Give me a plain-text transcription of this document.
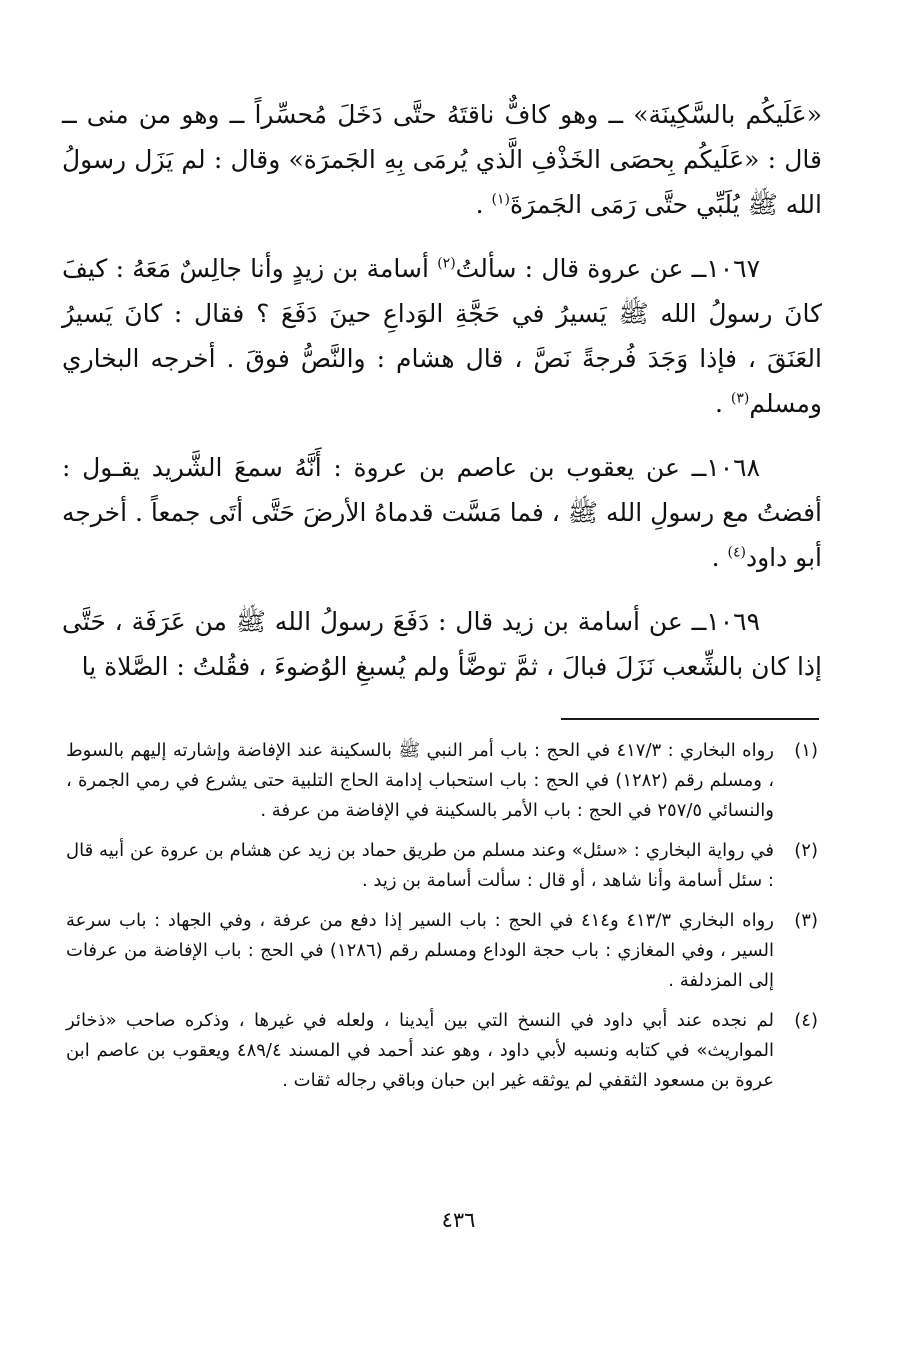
«عَلَيكُم بالسَّكِينَة» ــ وهو كافٌّ ناقتَهُ حتَّى دَخَلَ مُحسِّراً ــ وهو من منى ــ قال : «عَلَيكُم بِحصَى الخَذْفِ الَّذي يُرمَى بِهِ الجَمرَة» وقال : لم يَزَل رسولُ الله ﷺ يُلَبِّي حتَّى رَمَى الجَمرَةَ$^{(١)}$ .

١٠٦٧ــ عن عروة قال : سألتُ$^{(٢)}$ أسامة بن زيدٍ وأنا جالِسٌ مَعَهُ : كيفَ كانَ رسولُ الله ﷺ يَسيرُ في حَجَّةِ الوَداعِ حينَ دَفَعَ ؟ فقال : كانَ يَسيرُ العَنَقَ ، فإذا وَجَدَ فُرجةً نَصَّ ، قال هشام : والنَّصُّ فوقَ . أخرجه البخاري ومسلم$^{(٣)}$ .

١٠٦٨ــ عن يعقوب بن عاصم بن عروة : أَنَّهُ سمعَ الشَّريد يقـول : أفضتُ مع رسولِ الله ﷺ ، فما مَسَّت قدماهُ الأرضَ حَتَّى أتَى جمعاً . أخرجه أبو داود$^{(٤)}$ .

١٠٦٩ــ عن أسامة بن زيد قال : دَفَعَ رسولُ الله ﷺ من عَرَفَة ، حَتَّى إذا كان بالشِّعب نَزَلَ فبالَ ، ثمَّ توضَّأ ولم يُسبغِ الوُضوءَ ، فقُلتُ : الصَّلاة يا

(١)
رواه البخاري : ٤١٧/٣ في الحج : باب أمر النبي ﷺ بالسكينة عند الإفاضة وإشارته إليهم بالسوط ، ومسلم رقم (١٢٨٢) في الحج : باب استحباب إدامة الحاج التلبية حتى يشرع في رمي الجمرة ، والنسائي ٢٥٧/٥ في الحج : باب الأمر بالسكينة في الإفاضة من عرفة .
(٢)
في رواية البخاري : «سئل» وعند مسلم من طريق حماد بن زيد عن هشام بن عروة عن أبيه قال : سئل أسامة وأنا شاهد ، أو قال : سألت أسامة بن زيد .
(٣)
رواه البخاري ٤١٣/٣ و٤١٤ في الحج : باب السير إذا دفع من عرفة ، وفي الجهاد : باب سرعة السير ، وفي المغازي : باب حجة الوداع ومسلم رقم (١٢٨٦) في الحج : باب الإفاضة من عرفات إلى المزدلفة .
(٤)
لم نجده عند أبي داود في النسخ التي بين أيدينا ، ولعله في غيرها ، وذكره صاحب «ذخائر المواريث» في كتابه ونسبه لأبي داود ، وهو عند أحمد في المسند ٤٨٩/٤ ويعقوب بن عاصم ابن عروة بن مسعود الثقفي لم يوثقه غير ابن حبان وباقي رجاله ثقات .
٤٣٦
